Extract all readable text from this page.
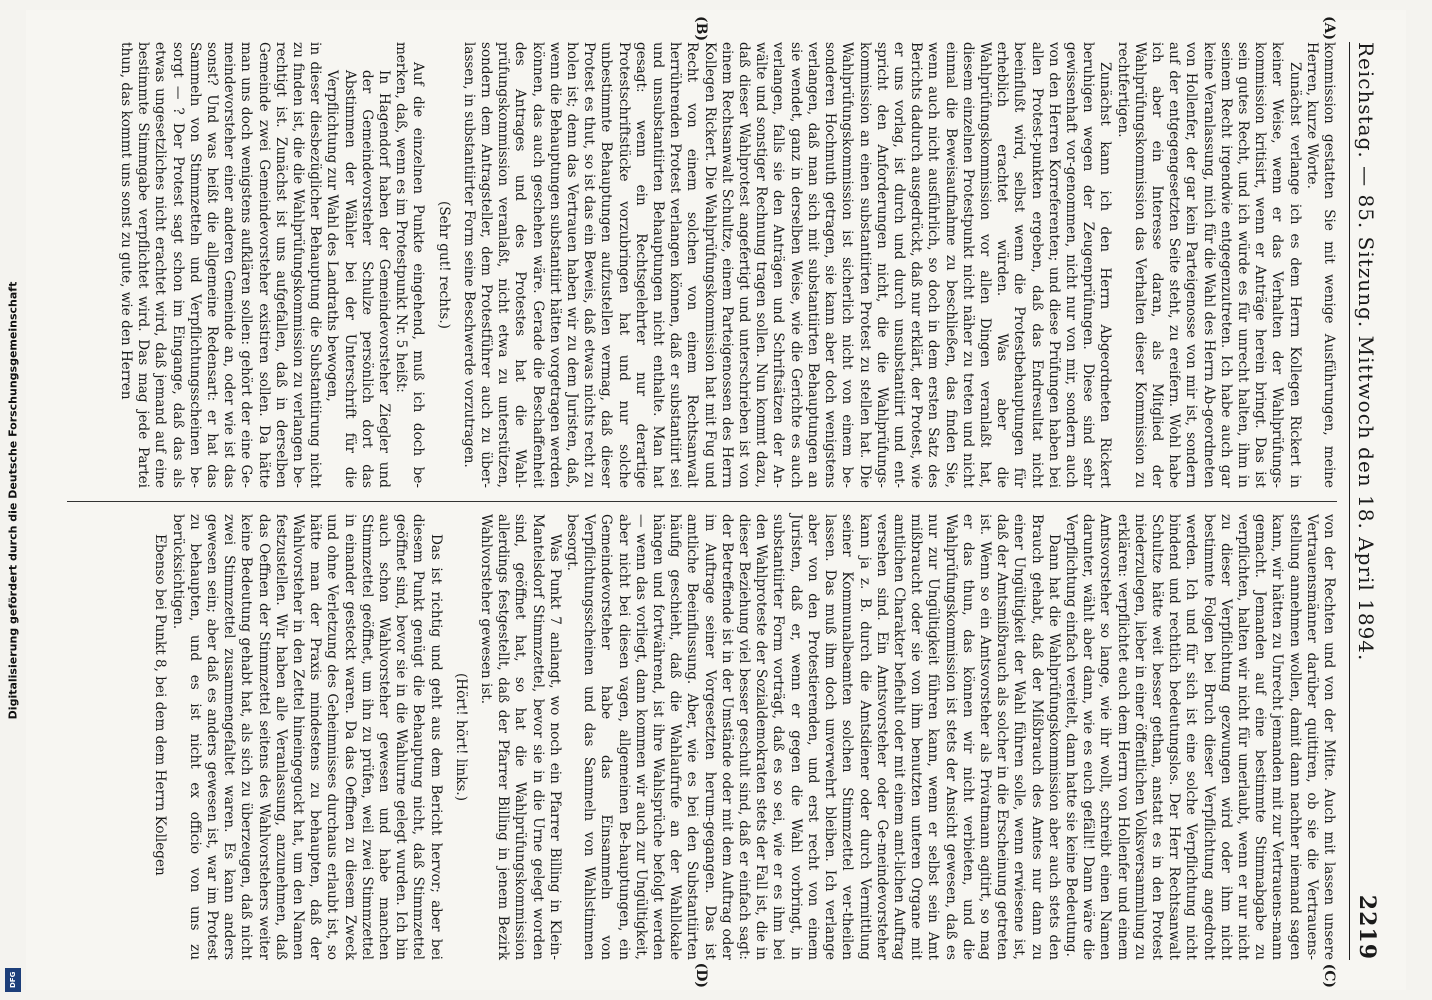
Digitalisierung gefördert durch die Deutsche Forschungsgemeinschaft
DFG
Reichstag. — 85. Sitzung. Mittwoch den 18. April 1894.
2219
(A)
(B)

kommission gestatten Sie mit wenige Ausführungen, meine Herren, kurze Worte.

Zunächst verlange ich es dem Herrn Kollegen Rickert in keiner Weise, wenn er das Verhalten der Wahlprüfungs-kommission kritisirt, wenn er Anträge herein bringt. Das ist sein gutes Recht, und ich würde es für unrecht halten, ihm in seinem Recht irgendwie entgegenzutreten. Ich habe auch gar keine Veranlassung, mich für die Wahl des Herrn Ab-geordneten von Hollenfer, der gar kein Parteigenosse von mir ist, sondern auf der entgegengesetzten Seite steht, zu ereifern. Wohl habe ich aber ein Interesse daran, als Mitglied der Wahlprüfungskommission das Verhalten dieser Kommission zu rechtfertigen.

Zunächst kann ich den Herrn Abgeordneten Rickert beruhigen wegen der Zeugenprüfungen. Diese sind sehr gewissenhaft vor-genommen, nicht nur von mir, sondern auch von den Herren Korreferenten; und diese Prüfungen haben bei allen Protest-punkten ergeben, daß das Endresultat nicht beeinflußt wird, selbst wenn die Protestbehauptungen für erheblich erachtet würden. Was aber die Wahlprüfungskommission vor allen Dingen veranlaßt hat, diesem einzelnen Protestpunkt nicht näher zu treten und nicht einmal die Beweisaufnahme zu beschließen, das finden Sie, wenn auch nicht ausführlich, so doch in dem ersten Satz des Berichts dadurch ausgedrückt, daß nur erklärt, der Protest, wie er uns vorlag, ist durch und durch unsubstantiirt und ent-spricht den Anforderungen nicht, die die Wahlprüfungs-kommission an einen substantiirten Protest zu stellen hat. Die Wahlprüfungskommission ist sicherlich nicht von einem be-sonderen Hochmuth getragen, sie kann aber doch wenigstens verlangen, daß man sich mit substantiirten Behauptungen an sie wendet, ganz in derselben Weise, wie die Gerichte es auch verlangen, falls sie den Anträgen und Schriftsätzen der An-wälte und sonstiger Rechnung tragen sollen. Nun kommt dazu, daß dieser Wahlprotest angefertigt und unterschrieben ist von einem Rechtsanwalt Schultze, einem Parteigenossen des Herrn Kollegen Rickert. Die Wahlprüfungskommission hat mit Fug und Recht von einem solchen von einem Rechtsanwalt herrührenden Protest verlangen können, daß er substantiirt sei und unsubstantiirten Behauptungen nicht enthalte. Man hat gesagt: wenn ein Rechtsgelehrter nur derartige Protestschriftstücke vorzubringen hat und nur solche unbestimmte Behauptungen aufzustellen vermag, daß dieser Protest es thut, so ist das ein Beweis, daß etwas nichts recht zu holen ist; denn das Vertrauen haben wir zu dem Juristen, daß, wenn die Behauptungen substantiirt hätten vorgetragen werden können, das auch geschehen wäre. Gerade die Beschaffenheit des Antrages und des Protestes hat die Wahl-prüfungskommission veranlaßt, nicht etwa zu unterstützen, sondern dem Antragsteller, dem Protestführer auch zu über-lassen, in substantiirter Form seine Beschwerde vorzutragen.

(Sehr gut! rechts.)

Auf die einzelnen Punkte eingehend, muß ich doch be-merken, daß, wenn es im Protestpunkt Nr. 5 heißt:

In Hagendorf haben der Gemeindevorsteher Ziegler und der Gemeindevorsteher Schulze persönlich dort das Abstimmen der Wähler bei der Unterschrift für die Verpflichtung zur Wahl des Landraths bewogen,

in dieser diesbezüglicher Behauptung die Substantiirung nicht zu finden ist, die die Wahlprüfungskommission zu verlangen be-rechtigt ist. Zunächst ist uns aufgefallen, daß in derselben Gemeinde zwei Gemeindevorsteher existiren sollen. Da hätte man uns doch wenigstens aufklären sollen: gehört der eine Ge-meindevorsteher einer anderen Gemeinde an, oder wie ist das sonst? Und was heißt die allgemeine Redensart: er hat das Sammeln von Stimmzetteln und Verpflichtungsscheinen be-sorgt — ? Der Protest sagt schon im Eingange, daß das als etwas ungesetzliches nicht erachtet wird, daß jemand auf eine bestimmte Stimmgabe verpflichtet wird. Das mag jede Partei thun, das kommt uns sonst zu gute, wie den Herren

(C)
(D)

von der Rechten und von der Mitte. Auch mit lassen unsere Vertrauensmänner darüber quittiren, ob sie die Vertrauens-stellung annehmen wollen, damit dann nachher niemand sagen kann, wir hätten zu Unrecht jemanden mit zur Vertrauens-mann gemacht. Jemanden auf eine bestimmte Stimmabgabe zu verpflichten, halten wir nicht für unerlaubt, wenn er nur nicht zu dieser Verpflichtung gezwungen wird oder ihm nicht bestimmte Folgen bei Bruch dieser Verpflichtung angedroht werden. Ich und für sich ist eine solche Verpflichtung nicht bindend und rechtlich bedeutungslos. Der Herr Rechtsanwalt Schultze hätte weit besser gethan, anstatt es in den Protest niederzulegen, lieber in einer öffentlichen Volksversammlung zu erklären: verpflichtet euch dem Herrn von Hollenfer und einem Amtsvorsteher so lange, wie ihr wollt, schreibt einen Namen darunter, wählt aber dann, wie es euch gefällt! Dann wäre die Verpflichtung einfach vereitelt, dann hatte sie keine Bedeutung.

Dann hat die Wahlprüfungskommission aber auch stets den Brauch gehabt, daß der Mißbrauch des Amtes nur dann zu einer Ungültigkeit der Wahl führen solle, wenn erwiesene ist, daß der Amtsmißbrauch als solcher in die Erscheinung getreten ist. Wenn so ein Amtsvorsteher als Privatmann agitirt, so mag er das thun, das können wir nicht verbieten, und die Wahlprüfungskommission ist stets der Ansicht gewesen, daß es nur zur Ungültigkeit führen kann, wenn er selbst sein Amt mißbraucht oder sie von ihm benutzten unteren Organe mit amtlichen Charakter befiehlt oder mit einem amt-lichen Auftrag versehen sind. Ein Amtsvorsteher oder Ge-meindevorsteher kann ja z. B. durch die Amtsdiener oder durch Vermittlung seiner Kommunalbeamten solchen Stimmzettel ver-theilen lassen. Das muß ihm doch unverwehrt bleiben. Ich verlange aber von den Protestierenden, und erst recht von einem Juristen, daß er, wenn er gegen die Wahl vorbringt, in substantiirter Form vorträgt, daß es so sei, wie er es ihm bei den Wahlproteste der Sozialdemokraten stets der Fall ist, die in dieser Beziehung viel besser geschult sind, daß er einfach sagt: der Betreffende ist in der Umstände oder mit dem Auftrag oder im Auftrage seiner Vorgesetzten herum-gegangen. Das ist amtliche Beeinflussung. Aber, wie es bei den Substantiirten häufig geschieht, daß die Wahlaufrufe an der Wahllokale hängen und fortwährend, ist ihre Wahlsprüche befolgt werden — wenn das vorliegt, dann kommen wir auch zur Ungültigkeit, aber nicht bei diesen vagen, allgemeinen Be-hauptungen, ein Gemeindevorsteher habe das Einsammeln von Verpflichtungsscheinen und das Sammeln von Wahlstimmen besorgt.

Was Punkt 7 anlangt, wo noch ein Pfarrer Billing in Klein-Mantelsdorf Stimmzettel, bevor sie in die Urne gelegt worden sind, geöffnet hat, so hat die Wahlprüfungskommission allerdings festgestellt, daß der Pfarrer Billing in jenem Bezirk Wahlvorsteher gewesen ist.

(Hört! hört! links.)

Das ist richtig und geht aus dem Bericht hervor; aber bei diesem Punkt genügt die Behauptung nicht, daß Stimmzettel geöffnet sind, bevor sie in die Wahlurne gelegt wurden. Ich bin auch schon Wahlvorsteher gewesen und habe manchen Stimmzettel geöffnet, um ihn zu prüfen, weil zwei Stimmzettel in einander gesteckt waren. Da das Oeffnen zu diesem Zweck und ohne Verletzung des Geheimnisses durchaus erlaubt ist, so hätte man der Praxis mindestens zu behaupten, daß der Wahlvorsteher in den Zettel hineingeguckt hat, um den Namen festzustellen. Wir haben alle Veranlassung, anzunehmen, daß das Oeffnen der Stimmzettel seitens des Wahlvorstehers weiter keine Bedeutung gehabt hat, als sich zu überzeugen, daß nicht zwei Stimmzettel zusammengefaltet waren. Es kann anders gewesen sein; aber daß es anders gewesen ist, war im Protest zu behaupten, und es ist nicht ex officio von uns zu berücksichtigen.

Ebenso bei Punkt 8, bei dem dem Herrn Kollegen
